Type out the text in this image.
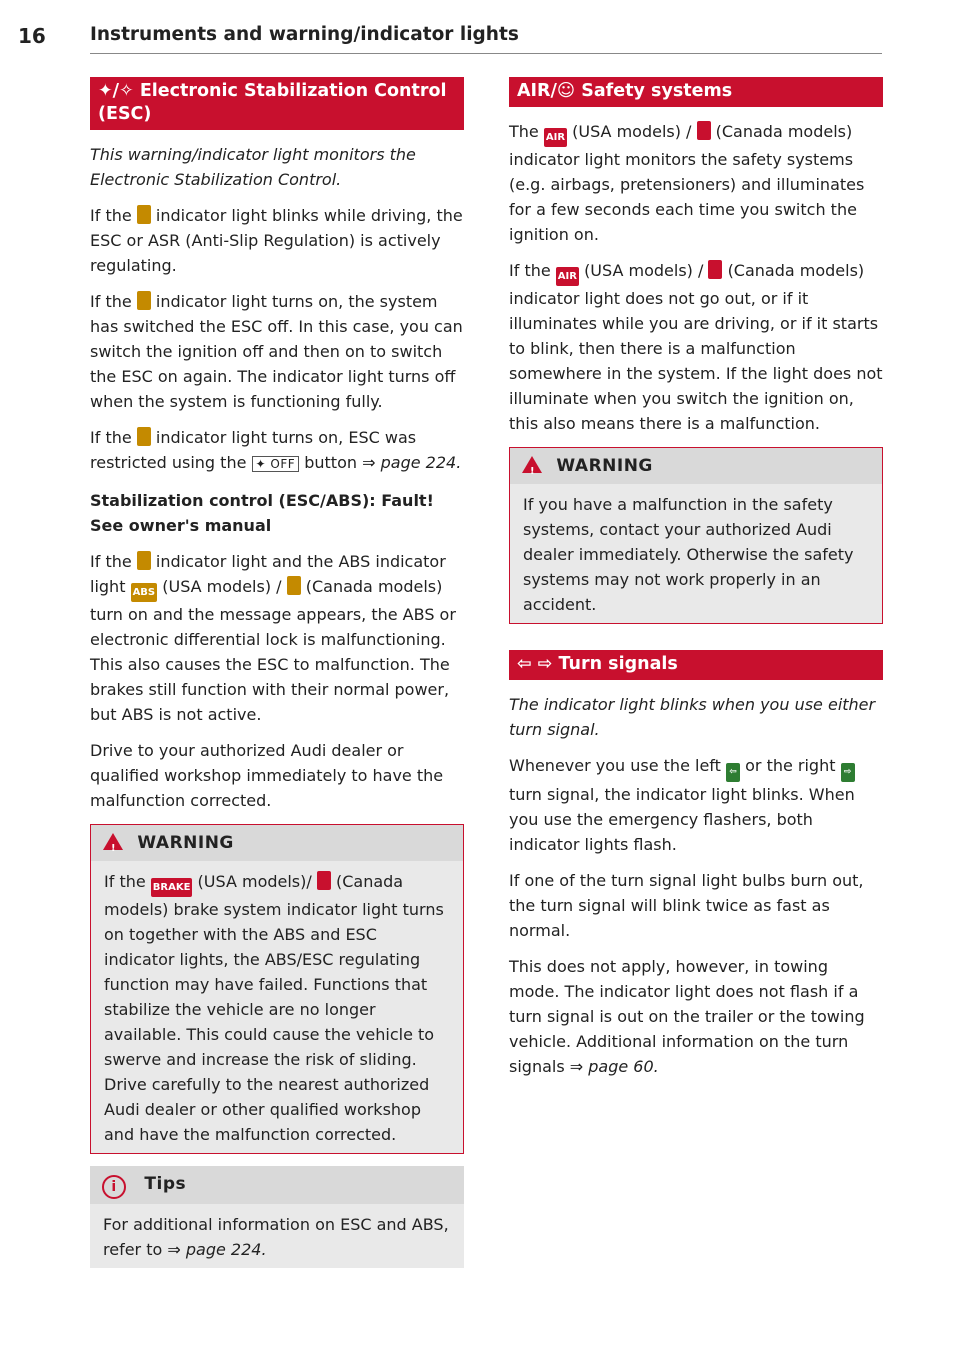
16 Instruments and warning/indicator lights
✦/✧ Electronic Stabilization Control (ESC)

This warning/indicator light monitors the Electronic Stabilization Control.

If the indicator light blinks while driving, the ESC or ASR (Anti-Slip Regulation) is actively regulating.

If the indicator light turns on, the system has switched the ESC off. In this case, you can switch the ignition off and then on to switch the ESC on again. The indicator light turns off when the system is functioning fully.

If the indicator light turns on, ESC was restricted using the ✦ OFF button ⇒ page 224.

Stabilization control (ESC/ABS): Fault! See owner's manual

If the indicator light and the ABS indicator light ABS (USA models) / (Canada models) turn on and the message appears, the ABS or electronic differential lock is malfunctioning. This also causes the ESC to malfunction. The brakes still function with their normal power, but ABS is not active.

Drive to your authorized Audi dealer or qualified workshop immediately to have the malfunction corrected.

! WARNING
If the BRAKE (USA models)/ (Canada models) brake system indicator light turns on together with the ABS and ESC indicator lights, the ABS/ESC regulating function may have failed. Functions that stabilize the vehicle are no longer available. This could cause the vehicle to swerve and increase the risk of sliding. Drive carefully to the nearest authorized Audi dealer or other qualified workshop and have the malfunction corrected.
i Tips
For additional information on ESC and ABS, refer to ⇒ page 224.
AIR/☺ Safety systems

The AIR (USA models) / (Canada models) indicator light monitors the safety systems (e.g. airbags, pretensioners) and illuminates for a few seconds each time you switch the ignition on.

If the AIR (USA models) / (Canada models) indicator light does not go out, or if it illuminates while you are driving, or if it starts to blink, then there is a malfunction somewhere in the system. If the light does not illuminate when you switch the ignition on, this also means there is a malfunction.

! WARNING
If you have a malfunction in the safety systems, contact your authorized Audi dealer immediately. Otherwise the safety systems may not work properly in an accident.
⇦ ⇨ Turn signals

The indicator light blinks when you use either turn signal.

Whenever you use the left ⇦ or the right ⇨ turn signal, the indicator light blinks. When you use the emergency flashers, both indicator lights flash.

If one of the turn signal light bulbs burn out, the turn signal will blink twice as fast as normal.

This does not apply, however, in towing mode. The indicator light does not flash if a turn signal is out on the trailer or the towing vehicle. Additional information on the turn signals ⇒ page 60.
